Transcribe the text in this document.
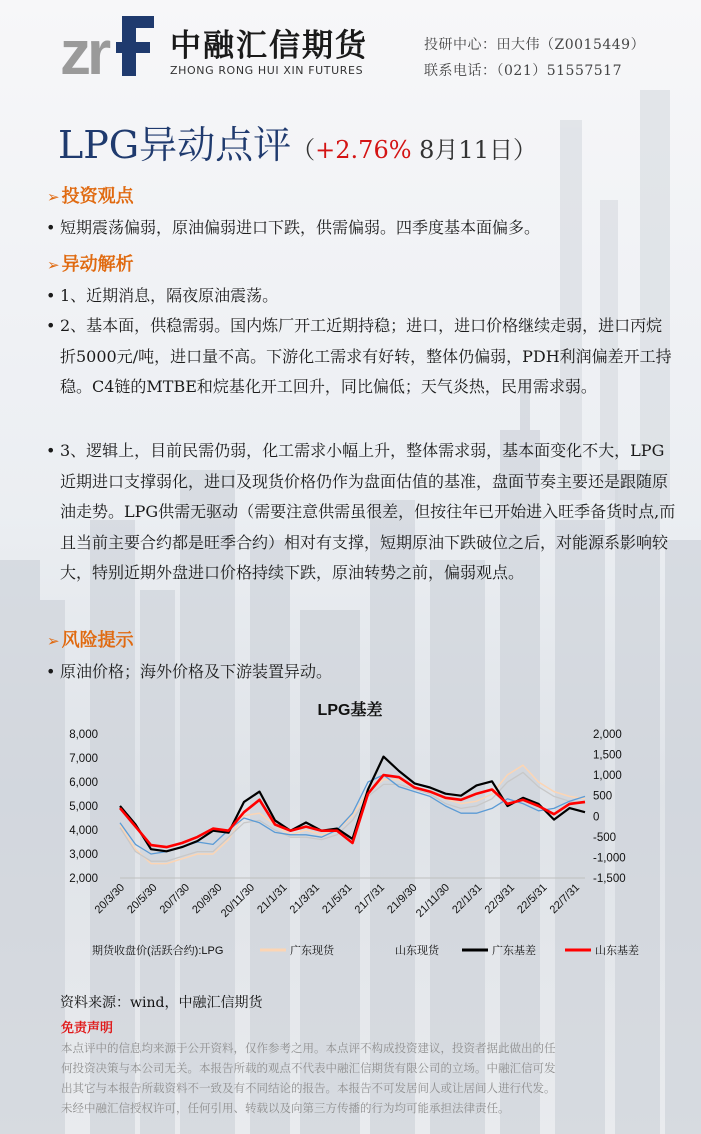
zr 中融汇信期货
ZHONG RONG HUI XIN FUTURES
投研中心：田大伟（Z0015449）
联系电话：（021）51557517
LPG异动点评（+2.76% 8月11日）
➢ 投资观点
• 短期震荡偏弱，原油偏弱进口下跌，供需偏弱。四季度基本面偏多。
➢ 异动解析
• 1、近期消息，隔夜原油震荡。
• 2、基本面，供稳需弱。国内炼厂开工近期持稳；进口，进口价格继续走弱，进口丙烷折5000元/吨，进口量不高。下游化工需求有好转，整体仍偏弱，PDH利润偏差开工持稳。C4链的MTBE和烷基化开工回升，同比偏低；天气炎热，民用需求弱。
• 3、逻辑上，目前民需仍弱，化工需求小幅上升，整体需求弱，基本面变化不大，LPG近期进口支撑弱化，进口及现货价格仍作为盘面估值的基准，盘面节奏主要还是跟随原油走势。LPG供需无驱动（需要注意供需虽很差，但按往年已开始进入旺季备货时点,而且当前主要合约都是旺季合约）相对有支撑，短期原油下跌破位之后，对能源系影响较大，特别近期外盘进口价格持续下跌，原油转势之前，偏弱观点。
➢ 风险提示
• 原油价格；海外价格及下游装置异动。
LPG基差
8,000
7,000
6,000
5,000
4,000
3,000
2,000
2,000
1,500
1,000
500
0
-500
-1,000
-1,500
20/3/30
20/5/30
20/7/30
20/9/30
20/11/30
21/1/31
21/3/31
21/5/31
21/7/31
21/9/30
21/11/30
22/1/31
22/3/31
22/5/31
22/7/31
期货收盘价(活跃合约):LPG	广东现货	山东现货	广东基差	山东基差
资料来源：wind，中融汇信期货
免责声明
本点评中的信息均来源于公开资料，仅作参考之用。本点评不构成投资建议，投资者据此做出的任
何投资决策与本公司无关。本报告所载的观点不代表中融汇信期货有限公司的立场。中融汇信可发
出其它与本报告所载资料不一致及有不同结论的报告。本报告不可发居间人或让居间人进行代发。
未经中融汇信授权许可，任何引用、转载以及向第三方传播的行为均可能承担法律责任。
